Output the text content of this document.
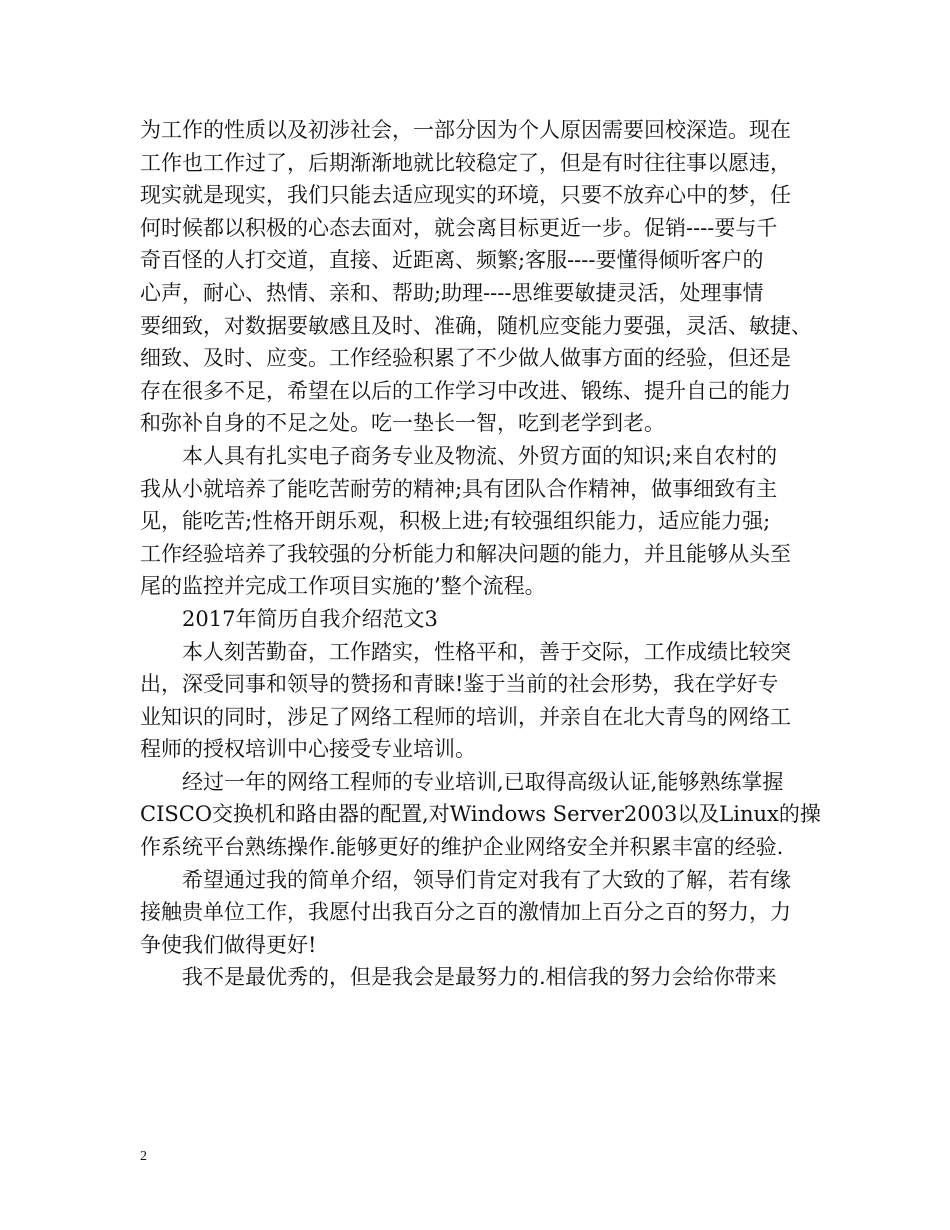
为工作的性质以及初涉社会，一部分因为个人原因需要回校深造。现在
工作也工作过了，后期渐渐地就比较稳定了，但是有时往往事以愿违，
现实就是现实，我们只能去适应现实的环境，只要不放弃心中的梦，任
何时候都以积极的心态去面对，就会离目标更近一步。促销----要与千
奇百怪的人打交道，直接、近距离、频繁;客服----要懂得倾听客户的
心声，耐心、热情、亲和、帮助;助理----思维要敏捷灵活，处理事情
要细致，对数据要敏感且及时、准确，随机应变能力要强，灵活、敏捷、
细致、及时、应变。工作经验积累了不少做人做事方面的经验，但还是
存在很多不足，希望在以后的工作学习中改进、锻练、提升自己的能力
和弥补自身的不足之处。吃一垫长一智，吃到老学到老。
本人具有扎实电子商务专业及物流、外贸方面的知识;来自农村的
我从小就培养了能吃苦耐劳的精神;具有团队合作精神，做事细致有主
见，能吃苦;性格开朗乐观，积极上进;有较强组织能力，适应能力强;
工作经验培养了我较强的分析能力和解决问题的能力，并且能够从头至
尾的监控并完成工作项目实施的’整个流程。
2017年简历自我介绍范文3
本人刻苦勤奋，工作踏实，性格平和，善于交际，工作成绩比较突
出，深受同事和领导的赞扬和青睐!鉴于当前的社会形势，我在学好专
业知识的同时，涉足了网络工程师的培训，并亲自在北大青鸟的网络工
程师的授权培训中心接受专业培训。
经过一年的网络工程师的专业培训,已取得高级认证,能够熟练掌握
CISCO交换机和路由器的配置,对Windows Server2003以及Linux的操
作系统平台熟练操作.能够更好的维护企业网络安全并积累丰富的经验.
希望通过我的简单介绍，领导们肯定对我有了大致的了解，若有缘
接触贵单位工作，我愿付出我百分之百的激情加上百分之百的努力，力
争使我们做得更好!
我不是最优秀的，但是我会是最努力的.相信我的努力会给你带来
2
